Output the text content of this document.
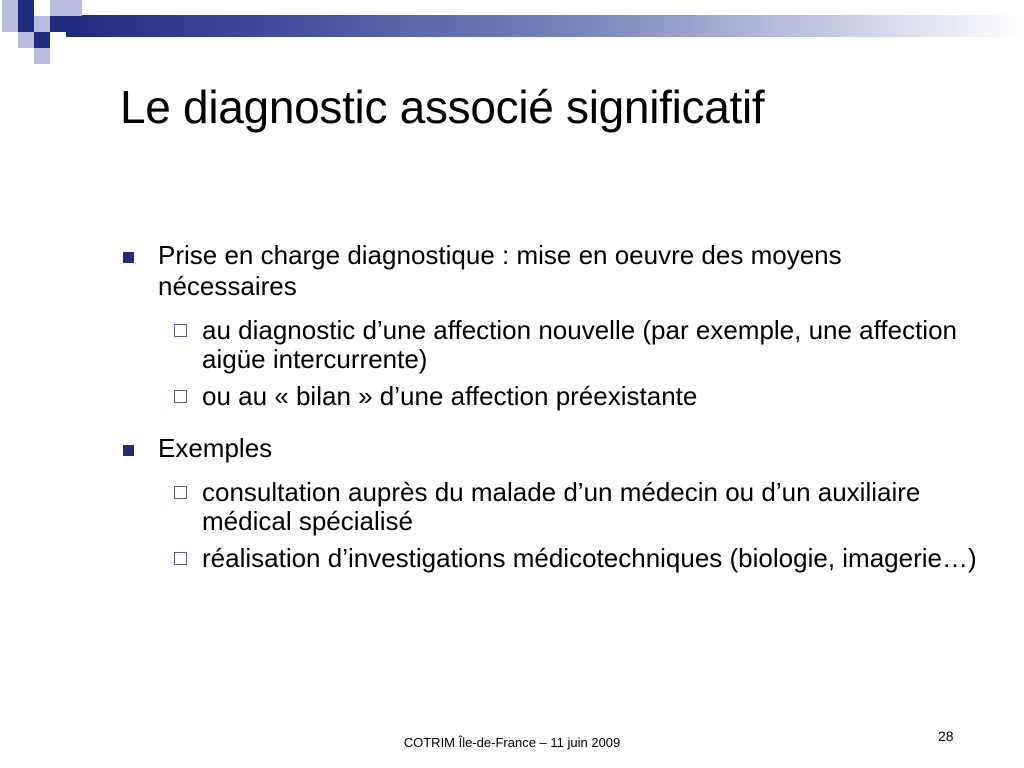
Le diagnostic associé significatif

Prise en charge diagnostique : mise en oeuvre des moyens nécessaires

au diagnostic d’une affection nouvelle (par exemple, une affection aigüe intercurrente)

ou au « bilan » d’une affection préexistante

Exemples

consultation auprès du malade d’un médecin ou d’un auxiliaire médical spécialisé

réalisation d’investigations médicotechniques (biologie, imagerie…)

COTRIM Île-de-France – 11 juin 2009	28
